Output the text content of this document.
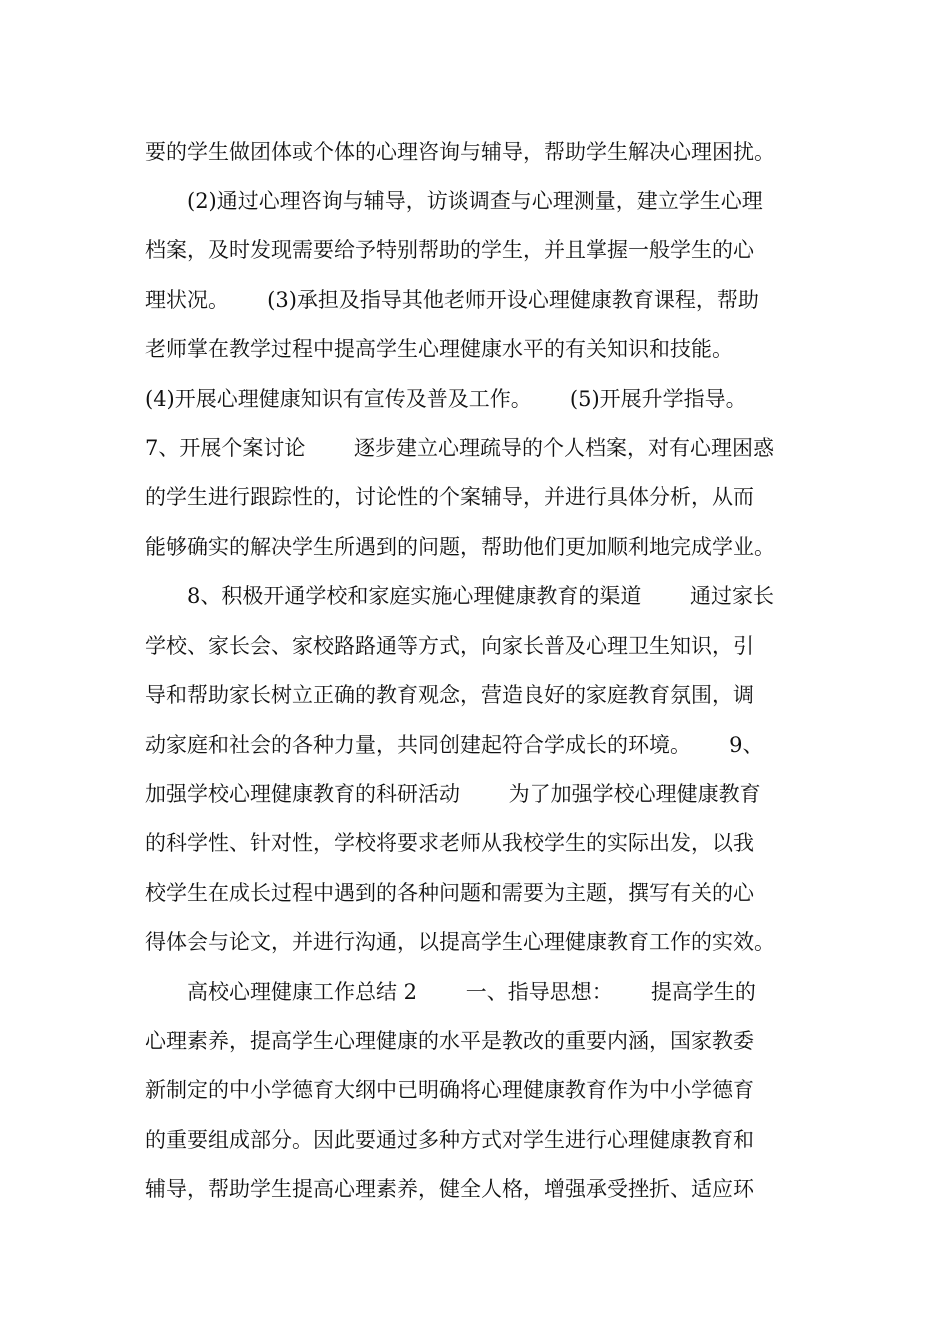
要的学生做团体或个体的心理咨询与辅导，帮助学生解决心理困扰。
　　(2)通过心理咨询与辅导，访谈调查与心理测量，建立学生心理
档案，及时发现需要给予特别帮助的学生，并且掌握一般学生的心
理状况。　　 (3)承担及指导其他老师开设心理健康教育课程，帮助
老师掌在教学过程中提高学生心理健康水平的有关知识和技能。
(4)开展心理健康知识有宣传及普及工作。　　 (5)开展升学指导。
7、开展个案讨论　　 逐步建立心理疏导的个人档案，对有心理困惑
的学生进行跟踪性的，讨论性的个案辅导，并进行具体分析，从而
能够确实的解决学生所遇到的问题，帮助他们更加顺利地完成学业。
　　8、积极开通学校和家庭实施心理健康教育的渠道　　 通过家长
学校、家长会、家校路路通等方式，向家长普及心理卫生知识，引
导和帮助家长树立正确的教育观念，营造良好的家庭教育氛围，调
动家庭和社会的各种力量，共同创建起符合学成长的环境。　　 9、
加强学校心理健康教育的科研活动　　 为了加强学校心理健康教育
的科学性、针对性，学校将要求老师从我校学生的实际出发，以我
校学生在成长过程中遇到的各种问题和需要为主题，撰写有关的心
得体会与论文，并进行沟通，以提高学生心理健康教育工作的实效。
　　高校心理健康工作总结 2　　 一、指导思想：　　 提高学生的
心理素养，提高学生心理健康的水平是教改的重要内涵，国家教委
新制定的中小学德育大纲中已明确将心理健康教育作为中小学德育
的重要组成部分。因此要通过多种方式对学生进行心理健康教育和
辅导，帮助学生提高心理素养，健全人格，增强承受挫折、适应环
